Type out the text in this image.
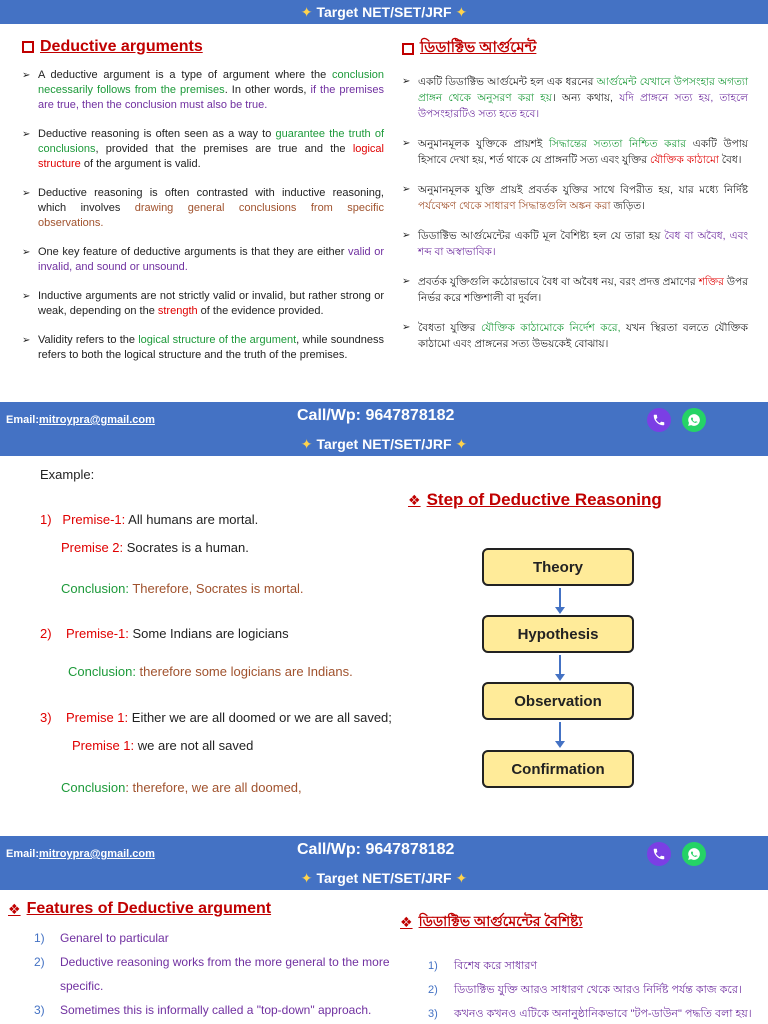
✦
Target NET/SET/JRF
✦
Deductive arguments	ডিডাক্টিভ আর্গুমেন্ট
➢ A deductive argument is a type of argument where the conclusion necessarily follows from the premises. In other words, if the premises are true, then the conclusion must also be true.
➢ Deductive reasoning is often seen as a way to guarantee the truth of conclusions, provided that the premises are true and the logical structure of the argument is valid.
➢ Deductive reasoning is often contrasted with inductive reasoning, which involves drawing general conclusions from specific observations.
➢ One key feature of deductive arguments is that they are either valid or invalid, and sound or unsound.
➢ Inductive arguments are not strictly valid or invalid, but rather strong or weak, depending on the strength of the evidence provided.
➢ Validity refers to the logical structure of the argument, while soundness refers to both the logical structure and the truth of the premises.
➢ একটি ডিডাক্টিভ আর্গুমেন্ট হল এক ধরনের আর্গুমেন্ট যেখানে উপসংহার অগত্যা প্রাঙ্গন থেকে অনুসরণ করা হয়। অন্য কথায়, যদি প্রাঙ্গনে সত্য হয়, তাহলে উপসংহারটিও সত্য হতে হবে।
➢ অনুমানমূলক যুক্তিকে প্রায়শই সিদ্ধান্তের সত্যতা নিশ্চিত করার একটি উপায় হিসাবে দেখা হয়, শর্ত থাকে যে প্রাঙ্গনটি সত্য এবং যুক্তির যৌক্তিক কাঠামো বৈধ।
➢ অনুমানমূলক যুক্তি প্রায়ই প্রবর্তক যুক্তির সাথে বিপরীত হয়, যার মধ্যে নির্দিষ্ট পর্যবেক্ষণ থেকে সাধারণ সিদ্ধান্তগুলি অঙ্কন করা জড়িত।
➢ ডিডাক্টিভ আর্গুমেন্টের একটি মূল বৈশিষ্ট্য হল যে তারা হয় বৈধ বা অবৈধ, এবং শব্দ বা অস্বাভাবিক।
➢ প্রবর্তক যুক্তিগুলি কঠোরভাবে বৈধ বা অবৈধ নয়, বরং প্রদত্ত প্রমাণের শক্তির উপর নির্ভর করে শক্তিশালী বা দুর্বল।
➢ বৈধতা যুক্তির যৌক্তিক কাঠামোকে নির্দেশ করে, যখন স্থিরতা বলতে যৌক্তিক কাঠামো এবং প্রাঙ্গনের সত্য উভয়কেই বোঝায়।
Email:mitroypra@gmail.com	Call/Wp: 9647878182
✦
Target NET/SET/JRF
✦
Example:
❖ Step of Deductive Reasoning
1) Premise-1: All humans are mortal.
Premise 2: Socrates is a human.
Conclusion: Therefore, Socrates is mortal.
2) Premise-1: Some Indians are logicians
Conclusion: therefore some logicians are Indians.
3) Premise 1: Either we are all doomed or we are all saved;
Premise 1: we are not all saved
Conclusion: therefore, we are all doomed,
Theory
Hypothesis
Observation
Confirmation
Email:mitroypra@gmail.com	Call/Wp: 9647878182
✦
Target NET/SET/JRF
✦
❖ Features of Deductive argument
❖ ডিডাক্টিভ আর্গুমেন্টের বৈশিষ্ট্য
1)	Genarel to particular
2)	Deductive reasoning works from the more general to the more specific.
3)	Sometimes this is informally called a "top-down" approach.
1)	বিশেষ করে সাধারণ
2)	ডিডাক্টিভ যুক্তি আরও সাধারণ থেকে আরও নির্দিষ্ট পর্যন্ত কাজ করে।
3)	কখনও কখনও এটিকে অনানুষ্ঠানিকভাবে "টপ-ডাউন" পদ্ধতি বলা হয়।
